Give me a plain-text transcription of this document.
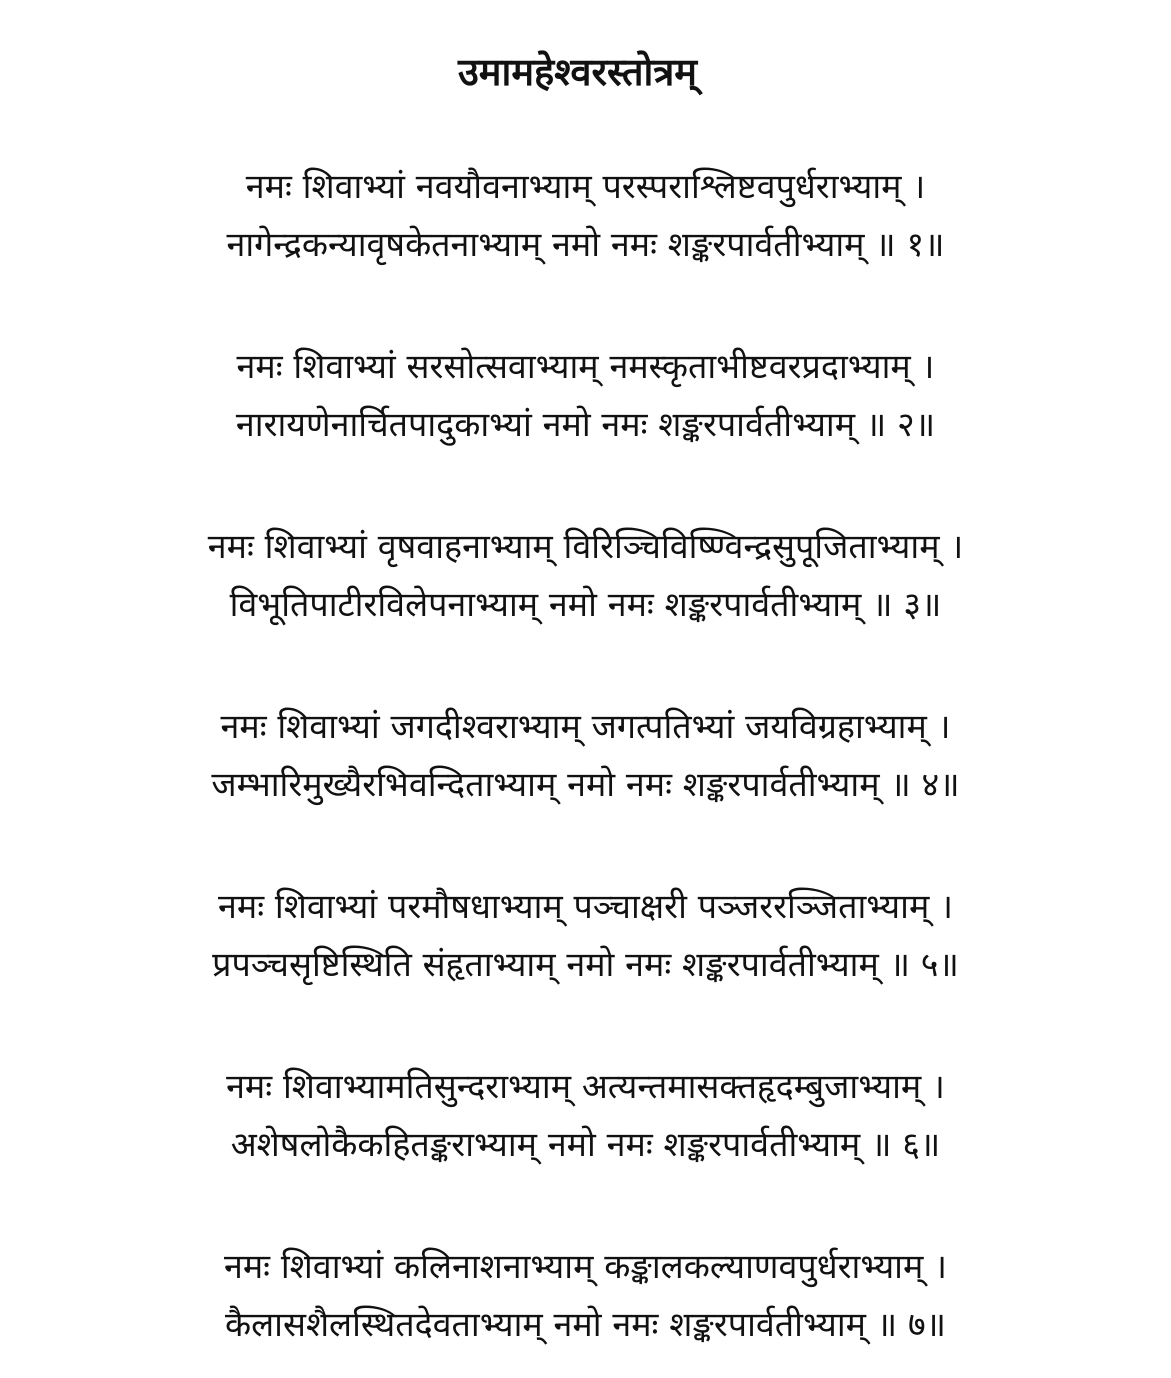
उमामहेश्वरस्तोत्रम्
नमः शिवाभ्यां नवयौवनाभ्याम् परस्पराश्लिष्टवपुर्धराभ्याम् ।
नागेन्द्रकन्यावृषकेतनाभ्याम् नमो नमः शङ्करपार्वतीभ्याम् ॥ १॥
नमः शिवाभ्यां सरसोत्सवाभ्याम् नमस्कृताभीष्टवरप्रदाभ्याम् ।
नारायणेनार्चितपादुकाभ्यां नमो नमः शङ्करपार्वतीभ्याम् ॥ २॥
नमः शिवाभ्यां वृषवाहनाभ्याम् विरिञ्चिविष्ण्विन्द्रसुपूजिताभ्याम् ।
विभूतिपाटीरविलेपनाभ्याम् नमो नमः शङ्करपार्वतीभ्याम् ॥ ३॥
नमः शिवाभ्यां जगदीश्वराभ्याम् जगत्पतिभ्यां जयविग्रहाभ्याम् ।
जम्भारिमुख्यैरभिवन्दिताभ्याम् नमो नमः शङ्करपार्वतीभ्याम् ॥ ४॥
नमः शिवाभ्यां परमौषधाभ्याम् पञ्चाक्षरी पञ्जररञ्जिताभ्याम् ।
प्रपञ्चसृष्टिस्थिति संहृताभ्याम् नमो नमः शङ्करपार्वतीभ्याम् ॥ ५॥
नमः शिवाभ्यामतिसुन्दराभ्याम् अत्यन्तमासक्तहृदम्बुजाभ्याम् ।
अशेषलोकैकहितङ्कराभ्याम् नमो नमः शङ्करपार्वतीभ्याम् ॥ ६॥
नमः शिवाभ्यां कलिनाशनाभ्याम् कङ्कालकल्याणवपुर्धराभ्याम् ।
कैलासशैलस्थितदेवताभ्याम् नमो नमः शङ्करपार्वतीभ्याम् ॥ ७॥
